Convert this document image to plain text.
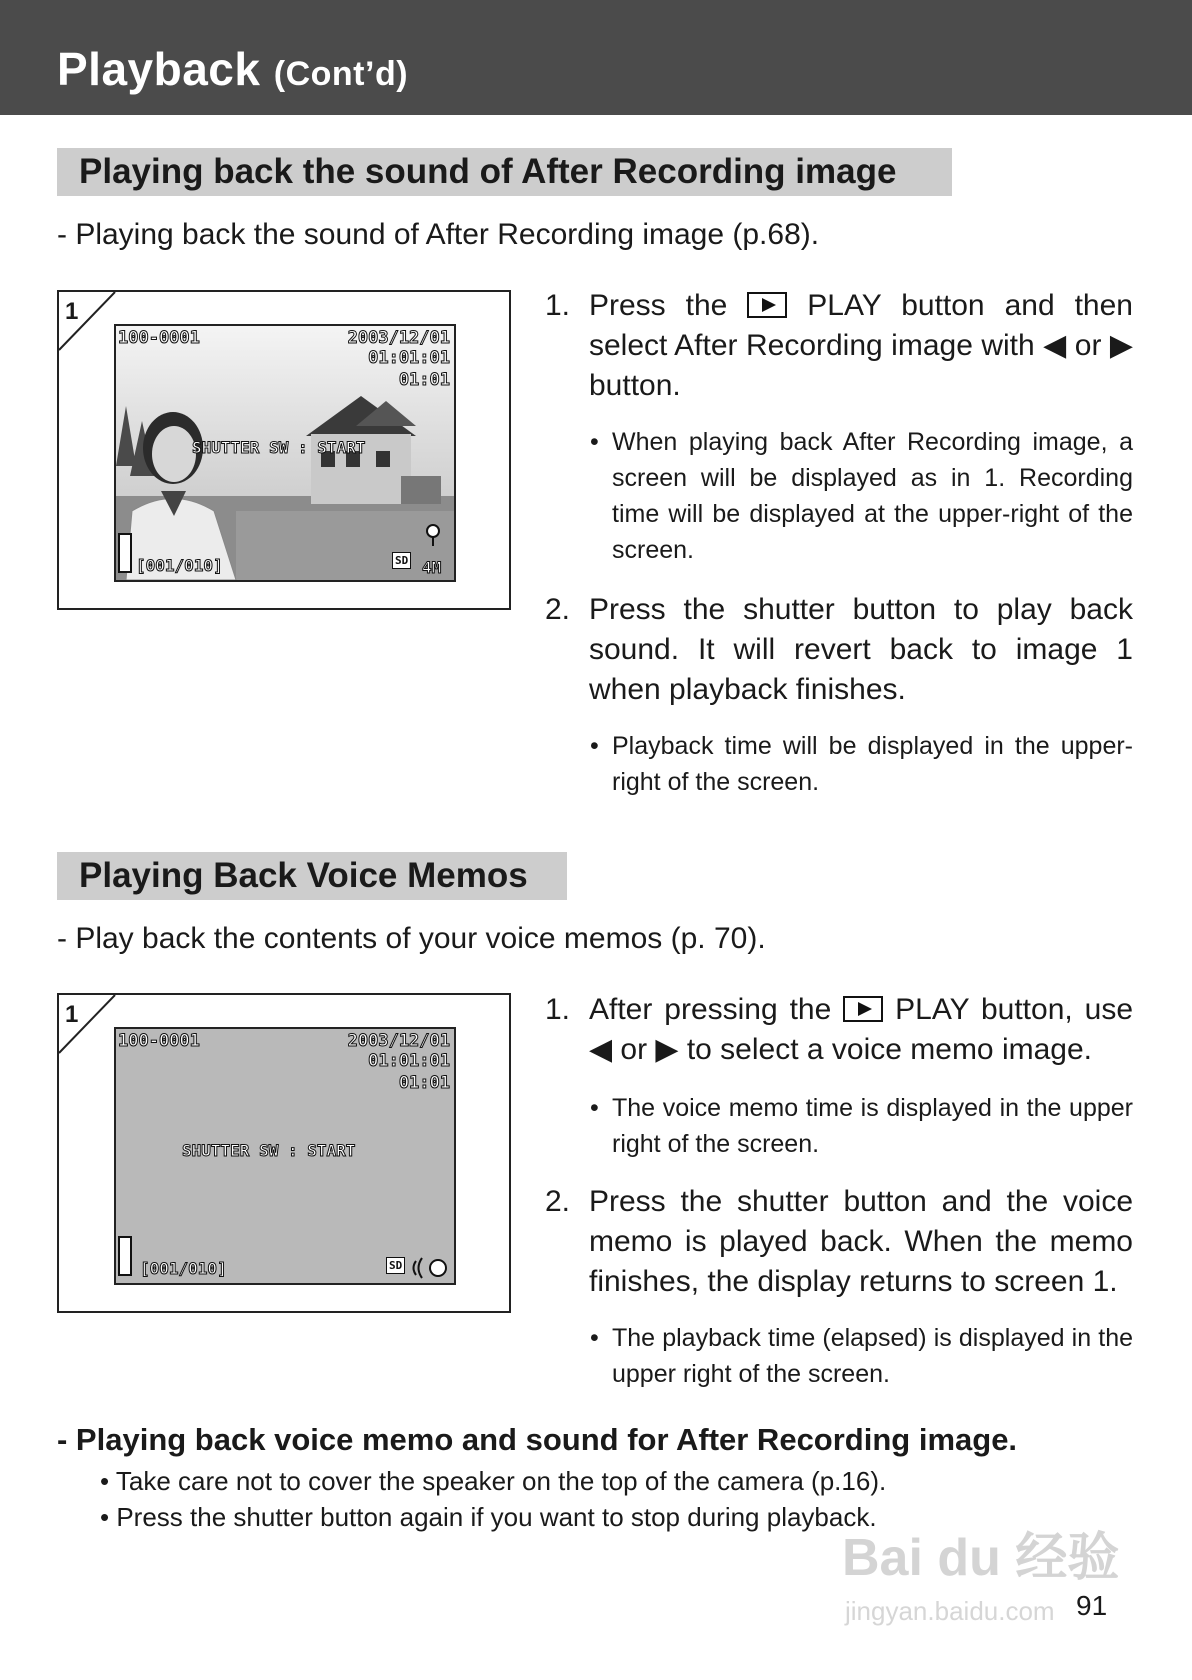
Playback (Cont’d)
Playing back the sound of After Recording image
- Playing back the sound of After Recording image (p.68).
1
100-0001	2003/12/01
01:01:01
01:01
SHUTTER SW : START
[001/010]	SD 4M
1. Press the	PLAY button and then select After Recording image with ◀ or ▶ button.
• When playing back After Recording image, a screen will be displayed as in 1. Recording time will be displayed at the upper-right of the screen.
2. Press the shutter button to play back sound. It will revert back to image 1 when playback finishes.
• Playback time will be displayed in the upper-right of the screen.
Playing Back Voice Memos
- Play back the contents of your voice memos (p. 70).
1
100-0001	2003/12/01
01:01:01
01:01
SHUTTER SW : START
[001/010]	SD
1. After pressing the PLAY button, use ◀ or ▶ to select a voice memo image.
• The voice memo time is displayed in the upper right of the screen.
2. Press the shutter button and the voice memo is played back. When the memo finishes, the display returns to screen 1.
• The playback time (elapsed) is displayed in the upper right of the screen.
- Playing back voice memo and sound for After Recording image.
• Take care not to cover the speaker on the top of the camera (p.16).
• Press the shutter button again if you want to stop during playback.
Bai du 经验
jingyan.baidu.com 91
